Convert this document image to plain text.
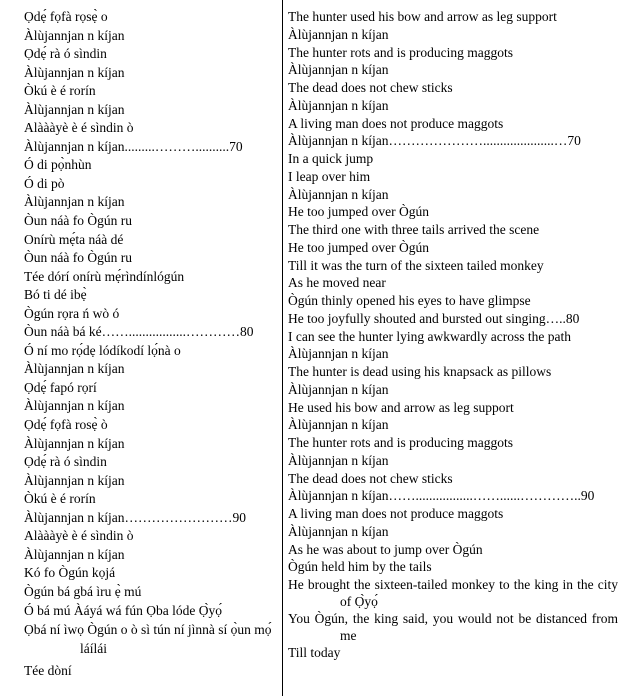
Ọdẹ́ fọfà rọsẹ̀ o
Àlùjannjan n kíjan
Ọdẹ́ rà ó sìndin
Àlùjannjan n kíjan
Òkú è é rorín
Àlùjannjan n kíjan
Alàààyè è é sìndin ò
Àlùjannjan n kíjan.........………..........70
Ó di pọ̀nhùn
Ó di pò
Àlùjannjan n kíjan
Òun náà fo Ògún ru
Onírù mẹ́ta náà dé
Òun náà fo Ògún ru
Tée dórí onírù mẹ́rìndínlógún
Bó ti dé ibẹ̀
Ògún rọra ń wò ó
Òun náà bá ké…….................…………80
Ó ní mo rọ́dẹ lódíkodí lọ́nà o
Àlùjannjan n kíjan
Ọdẹ́ fapó rọrí
Àlùjannjan n kíjan
Ọdẹ́ fọfà rosẹ̀ ò
Àlùjannjan n kíjan
Ọdẹ́ rà ó sìndin
Àlùjannjan n kíjan
Òkú è é rorín
Àlùjannjan n kíjan……………………90
Alàààyè è é sìndin ò
Àlùjannjan n kíjan
Kó fo Ògún kọjá
Ògún bá gbá ìru ẹ̀ mú
Ó bá mú Àáyá wá fún Ọba lóde Ọ̀yọ́
Ọbá ní ìwọ Ògún o ò sì tún ní jìnnà sí ọ̀un mọ́ láílái
Tée dòní
The hunter used his bow and arrow as leg support
Àlùjannjan n kíjan
The hunter rots and is producing maggots
Àlùjannjan n kíjan
The dead does not chew sticks
Àlùjannjan n kíjan
A living man does not produce maggots
Àlùjannjan n kíjan………………….....................…70
In a quick jump
I leap over him
Àlùjannjan n kíjan
He too jumped over Ògún
The third one with three tails arrived the scene
He too jumped over Ògún
Till it was the turn of the sixteen tailed monkey
As he moved near
Ògún thinly opened his eyes to have glimpse
He too joyfully shouted and bursted out singing…..80
I can see the hunter lying awkwardly across the path
Àlùjannjan n kíjan
The hunter is dead using his knapsack as pillows
Àlùjannjan n kíjan
He used his bow and arrow as leg support
Àlùjannjan n kíjan
The hunter rots and is producing maggots
Àlùjannjan n kíjan
The dead does not chew sticks
Àlùjannjan n kíjan…….................……......…………..90
A living man does not produce maggots
Àlùjannjan n kíjan
As he was about to jump over Ògún
Ògún held him by the tails
He brought the sixteen-tailed monkey to the king in the city of Ọ̀yọ́
You Ògún, the king said, you would not be distanced from me
Till today
